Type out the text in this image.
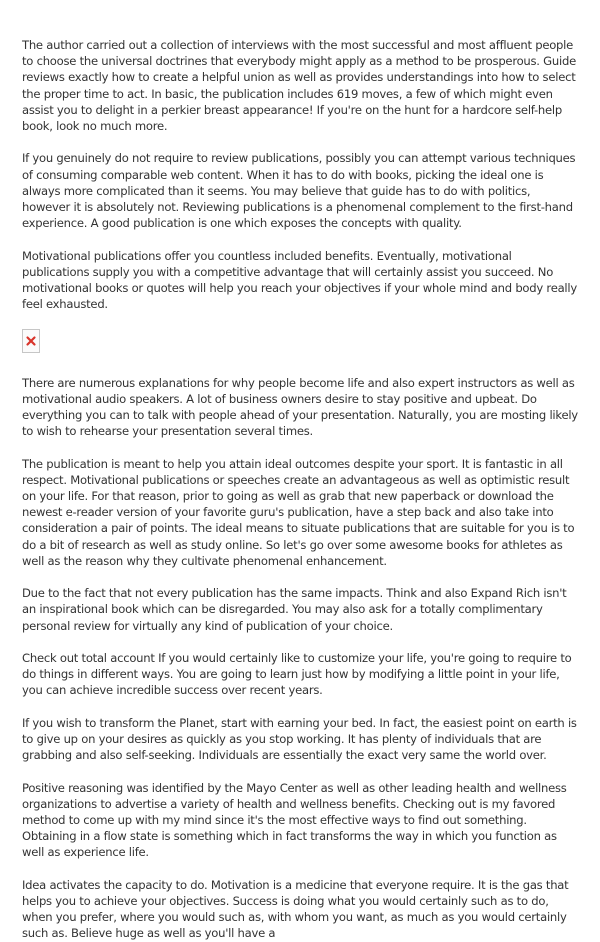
The author carried out a collection of interviews with the most successful and most affluent people to choose the universal doctrines that everybody might apply as a method to be prosperous. Guide reviews exactly how to create a helpful union as well as provides understandings into how to select the proper time to act. In basic, the publication includes 619 moves, a few of which might even assist you to delight in a perkier breast appearance! If you're on the hunt for a hardcore self-help book, look no much more.

If you genuinely do not require to review publications, possibly you can attempt various techniques of consuming comparable web content. When it has to do with books, picking the ideal one is always more complicated than it seems. You may believe that guide has to do with politics, however it is absolutely not. Reviewing publications is a phenomenal complement to the first-hand experience. A good publication is one which exposes the concepts with quality.

Motivational publications offer you countless included benefits. Eventually, motivational publications supply you with a competitive advantage that will certainly assist you succeed. No motivational books or quotes will help you reach your objectives if your whole mind and body really feel exhausted.

There are numerous explanations for why people become life and also expert instructors as well as motivational audio speakers. A lot of business owners desire to stay positive and upbeat. Do everything you can to talk with people ahead of your presentation. Naturally, you are mosting likely to wish to rehearse your presentation several times.

The publication is meant to help you attain ideal outcomes despite your sport. It is fantastic in all respect. Motivational publications or speeches create an advantageous as well as optimistic result on your life. For that reason, prior to going as well as grab that new paperback or download the newest e-reader version of your favorite guru's publication, have a step back and also take into consideration a pair of points. The ideal means to situate publications that are suitable for you is to do a bit of research as well as study online. So let's go over some awesome books for athletes as well as the reason why they cultivate phenomenal enhancement.

Due to the fact that not every publication has the same impacts. Think and also Expand Rich isn't an inspirational book which can be disregarded. You may also ask for a totally complimentary personal review for virtually any kind of publication of your choice.

Check out total account If you would certainly like to customize your life, you're going to require to do things in different ways. You are going to learn just how by modifying a little point in your life, you can achieve incredible success over recent years.

If you wish to transform the Planet, start with earning your bed. In fact, the easiest point on earth is to give up on your desires as quickly as you stop working. It has plenty of individuals that are grabbing and also self-seeking. Individuals are essentially the exact very same the world over.

Positive reasoning was identified by the Mayo Center as well as other leading health and wellness organizations to advertise a variety of health and wellness benefits. Checking out is my favored method to come up with my mind since it's the most effective ways to find out something. Obtaining in a flow state is something which in fact transforms the way in which you function as well as experience life.

Idea activates the capacity to do. Motivation is a medicine that everyone require. It is the gas that helps you to achieve your objectives. Success is doing what you would certainly such as to do, when you prefer, where you would such as, with whom you want, as much as you would certainly such as. Believe huge as well as you'll have a
